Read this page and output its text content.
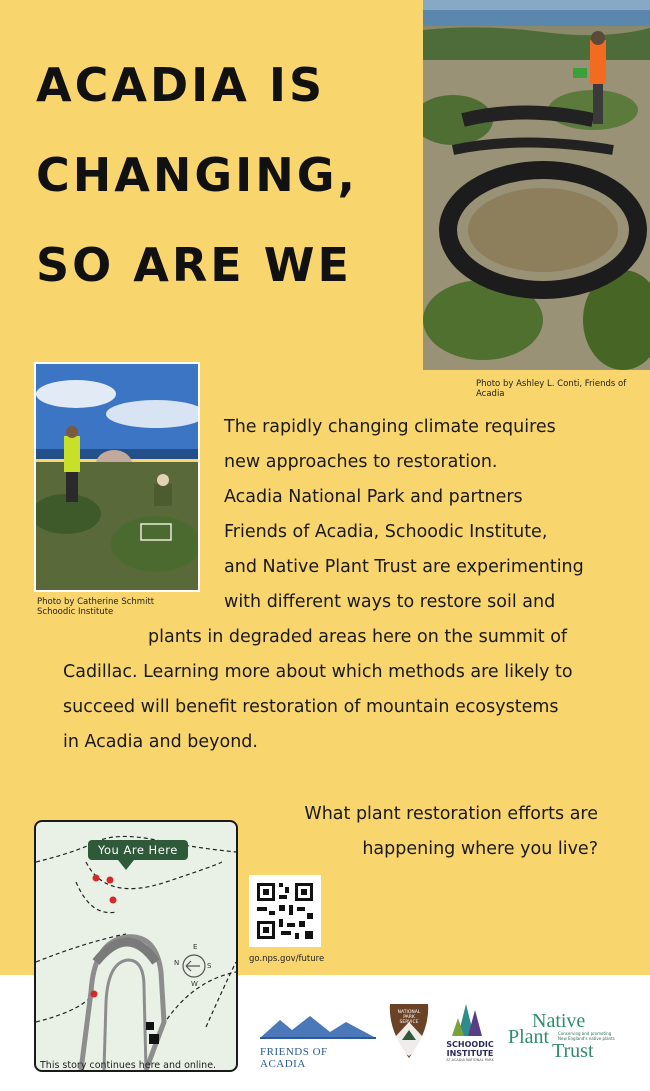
ACADIA IS
CHANGING,
SO ARE WE
Photo by Ashley L. Conti, Friends of Acadia
Photo by Catherine Schmitt
Schoodic Institute
The rapidly changing climate requires
new approaches to restoration.
Acadia National Park and partners
Friends of Acadia, Schoodic Institute,
and Native Plant Trust are experimenting
with different ways to restore soil and
plants in degraded areas here on the summit of
Cadillac. Learning more about which methods are likely to
succeed will benefit restoration of mountain ecosystems
in Acadia and beyond.
What plant restoration efforts are
happening where you live?
You Are Here
N
E
S
W
go.nps.gov/future
This story continues here and online.
FRIENDS OF ACADIA
NATIONAL
PARK
SERVICE
SCHOODIC
INSTITUTE
AT ACADIA NATIONAL PARK
Native
Plant
Trust
Conserving and promoting
New England's native plants
